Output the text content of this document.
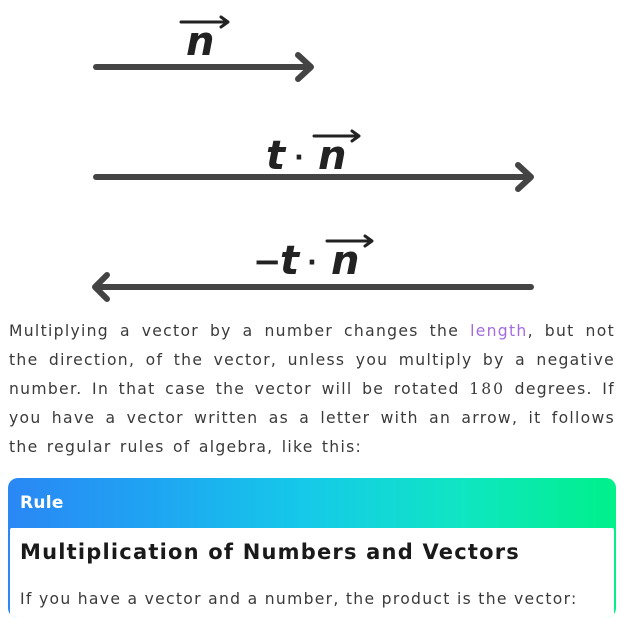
n
t · n
−
t · n

Multiplying a vector by a number changes the length, but not the direction, of the vector, unless you multiply by a negative number. In that case the vector will be rotated 180 degrees. If you have a vector written as a letter with an arrow, it follows the regular rules of algebra, like this:

Rule
Multiplication of Numbers and Vectors
If you have a vector and a number, the product is the vector:
